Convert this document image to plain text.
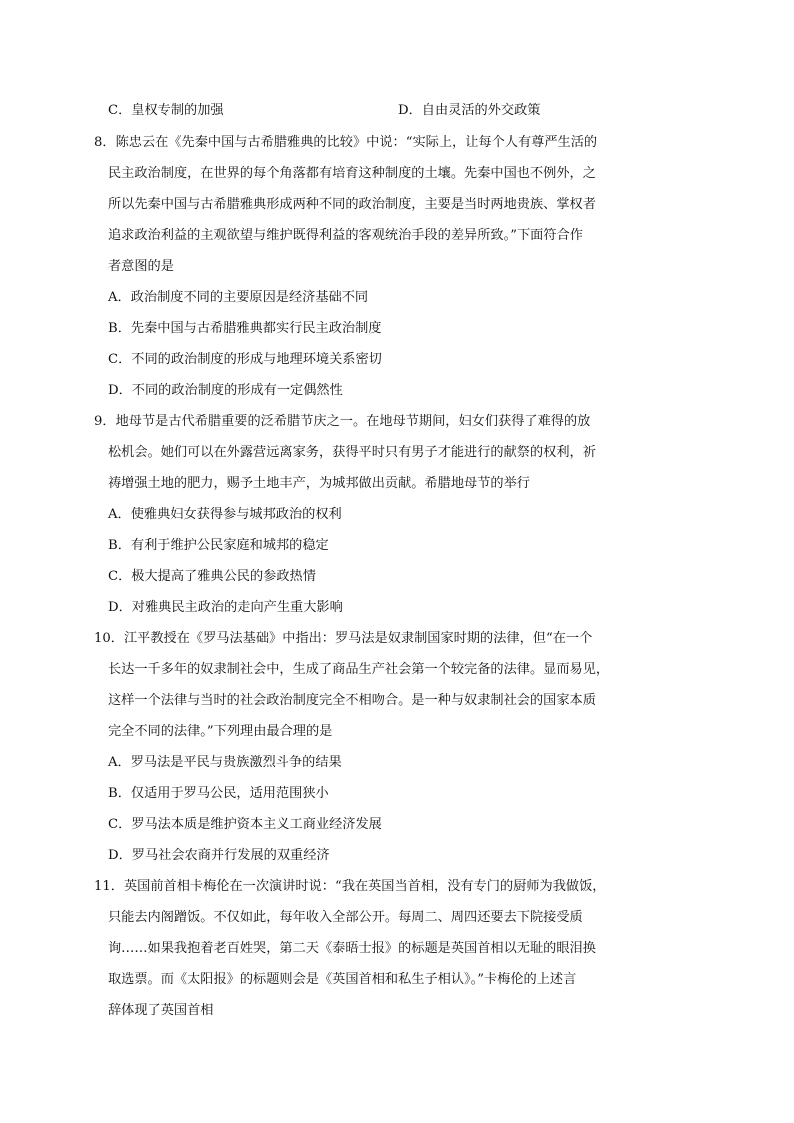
C．皇权专制的加强	D．自由灵活的外交政策
8．陈忠云在《先秦中国与古希腊雅典的比较》中说：“实际上，让每个人有尊严生活的
民主政治制度，在世界的每个角落都有培育这种制度的土壤。先秦中国也不例外，之
所以先秦中国与古希腊雅典形成两种不同的政治制度，主要是当时两地贵族、掌权者
追求政治利益的主观欲望与维护既得利益的客观统治手段的差异所致。”下面符合作
者意图的是
A．政治制度不同的主要原因是经济基础不同
B．先秦中国与古希腊雅典都实行民主政治制度
C．不同的政治制度的形成与地理环境关系密切
D．不同的政治制度的形成有一定偶然性
9．地母节是古代希腊重要的泛希腊节庆之一。在地母节期间，妇女们获得了难得的放
松机会。她们可以在外露营远离家务，获得平时只有男子才能进行的献祭的权利，祈
祷增强土地的肥力，赐予土地丰产，为城邦做出贡献。希腊地母节的举行
A．使雅典妇女获得参与城邦政治的权利
B．有利于维护公民家庭和城邦的稳定
C．极大提高了雅典公民的参政热情
D．对雅典民主政治的走向产生重大影响
10．江平教授在《罗马法基础》中指出：罗马法是奴隶制国家时期的法律，但“在一个
长达一千多年的奴隶制社会中，生成了商品生产社会第一个较完备的法律。显而易见，
这样一个法律与当时的社会政治制度完全不相吻合。是一种与奴隶制社会的国家本质
完全不同的法律。”下列理由最合理的是
A．罗马法是平民与贵族激烈斗争的结果
B．仅适用于罗马公民，适用范围狭小
C．罗马法本质是维护资本主义工商业经济发展
D．罗马社会农商并行发展的双重经济
11．英国前首相卡梅伦在一次演讲时说：“我在英国当首相，没有专门的厨师为我做饭，
只能去内阁蹭饭。不仅如此，每年收入全部公开。每周二、周四还要去下院接受质
询……如果我抱着老百姓哭，第二天《泰晤士报》的标题是英国首相以无耻的眼泪换
取选票。而《太阳报》的标题则会是《英国首相和私生子相认》。”卡梅伦的上述言
辞体现了英国首相
